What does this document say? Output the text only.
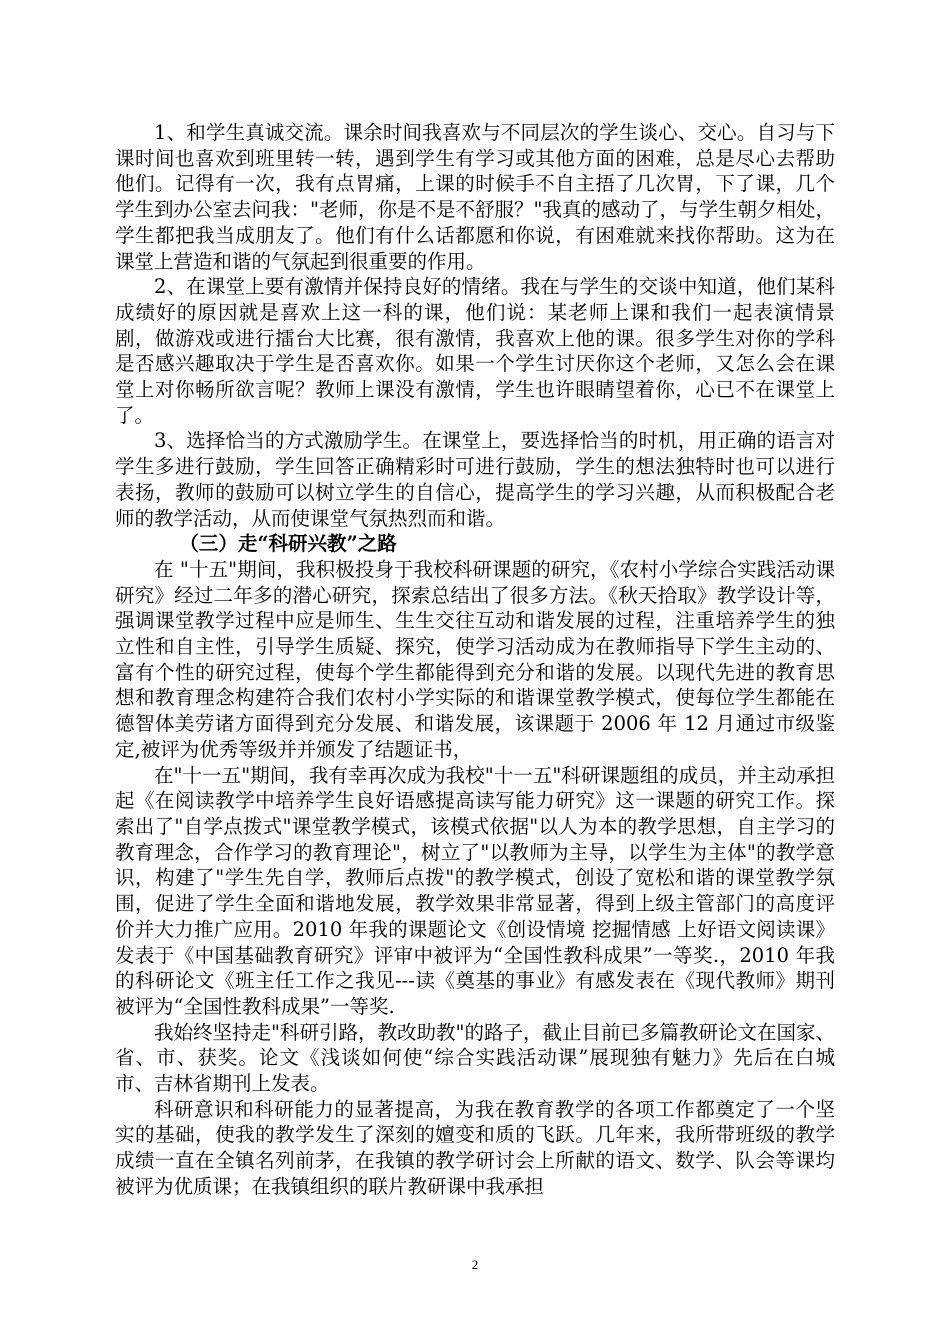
1、和学生真诚交流。课余时间我喜欢与不同层次的学生谈心、交心。自习与下课时间也喜欢到班里转一转，遇到学生有学习或其他方面的困难，总是尽心去帮助他们。记得有一次，我有点胃痛，上课的时候手不自主捂了几次胃，下了课，几个学生到办公室去问我："老师，你是不是不舒服？"我真的感动了，与学生朝夕相处，学生都把我当成朋友了。他们有什么话都愿和你说，有困难就来找你帮助。这为在课堂上营造和谐的气氛起到很重要的作用。

2、在课堂上要有激情并保持良好的情绪。我在与学生的交谈中知道，他们某科成绩好的原因就是喜欢上这一科的课，他们说：某老师上课和我们一起表演情景剧，做游戏或进行擂台大比赛，很有激情，我喜欢上他的课。很多学生对你的学科是否感兴趣取决于学生是否喜欢你。如果一个学生讨厌你这个老师，又怎么会在课堂上对你畅所欲言呢？教师上课没有激情，学生也许眼睛望着你，心已不在课堂上了。

3、选择恰当的方式激励学生。在课堂上，要选择恰当的时机，用正确的语言对学生多进行鼓励，学生回答正确精彩时可进行鼓励，学生的想法独特时也可以进行表扬，教师的鼓励可以树立学生的自信心，提高学生的学习兴趣，从而积极配合老师的教学活动，从而使课堂气氛热烈而和谐。

（三）走“科研兴教”之路

在 "十五"期间，我积极投身于我校科研课题的研究，《农村小学综合实践活动课研究》经过二年多的潜心研究，探索总结出了很多方法。《秋天拾取》教学设计等，强调课堂教学过程中应是师生、生生交往互动和谐发展的过程，注重培养学生的独立性和自主性，引导学生质疑、探究，使学习活动成为在教师指导下学生主动的、富有个性的研究过程，使每个学生都能得到充分和谐的发展。以现代先进的教育思想和教育理念构建符合我们农村小学实际的和谐课堂教学模式，使每位学生都能在德智体美劳诸方面得到充分发展、和谐发展，该课题于 2006 年 12 月通过市级鉴定,被评为优秀等级并并颁发了结题证书，

在"十一五"期间，我有幸再次成为我校"十一五"科研课题组的成员，并主动承担起《在阅读教学中培养学生良好语感提高读写能力研究》这一课题的研究工作。探索出了"自学点拨式"课堂教学模式，该模式依据"以人为本的教学思想，自主学习的教育理念，合作学习的教育理论"，树立了"以教师为主导，以学生为主体"的教学意识，构建了"学生先自学，教师后点拨"的教学模式，创设了宽松和谐的课堂教学氛围，促进了学生全面和谐地发展，教学效果非常显著，得到上级主管部门的高度评价并大力推广应用。2010 年我的课题论文《创设情境 挖掘情感 上好语文阅读课》发表于《中国基础教育研究》评审中被评为“全国性教科成果”一等奖.，2010 年我的科研论文《班主任工作之我见---读《奠基的事业》有感发表在《现代教师》期刊被评为“全国性教科成果”一等奖.

我始终坚持走"科研引路，教改助教"的路子，截止目前已多篇教研论文在国家、省、市、获奖。论文《浅谈如何使“综合实践活动课”展现独有魅力》先后在白城市、吉林省期刊上发表。

科研意识和科研能力的显著提高，为我在教育教学的各项工作都奠定了一个坚实的基础，使我的教学发生了深刻的嬗变和质的飞跃。几年来，我所带班级的教学成绩一直在全镇名列前茅，在我镇的教学研讨会上所献的语文、数学、队会等课均被评为优质课；在我镇组织的联片教研课中我承担

2
